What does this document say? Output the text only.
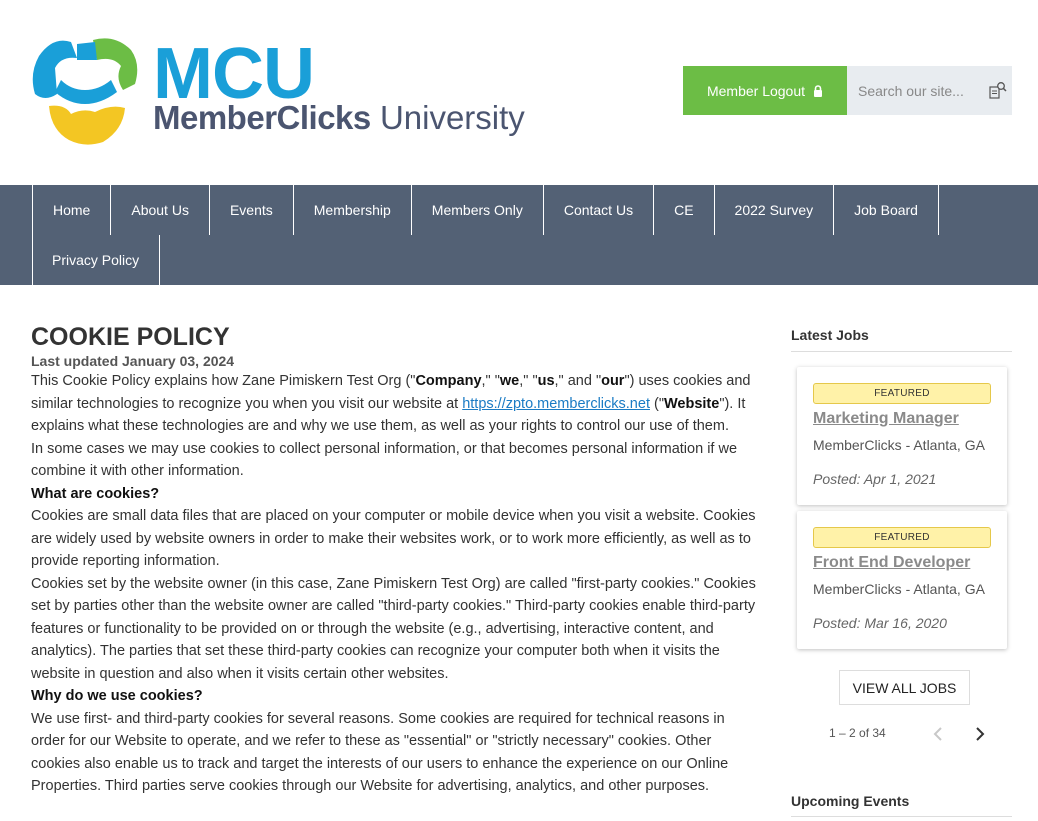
MCU
MemberClicks University
Member Logout
Search our site...
Home	About Us	Events	Membership	Members Only	Contact Us	CE	2022 Survey	Job Board
Privacy Policy
COOKIE POLICY
Last updated January 03, 2024

This Cookie Policy explains how Zane Pimiskern Test Org ("Company," "we," "us," and "our") uses cookies and similar technologies to recognize you when you visit our website at https://zpto.memberclicks.net ("Website"). It explains what these technologies are and why we use them, as well as your rights to control our use of them.

In some cases we may use cookies to collect personal information, or that becomes personal information if we combine it with other information.

What are cookies?

Cookies are small data files that are placed on your computer or mobile device when you visit a website. Cookies are widely used by website owners in order to make their websites work, or to work more efficiently, as well as to provide reporting information.

Cookies set by the website owner (in this case, Zane Pimiskern Test Org) are called "first-party cookies." Cookies set by parties other than the website owner are called "third-party cookies." Third-party cookies enable third-party features or functionality to be provided on or through the website (e.g., advertising, interactive content, and analytics). The parties that set these third-party cookies can recognize your computer both when it visits the website in question and also when it visits certain other websites.

Why do we use cookies?

We use first- and third-party cookies for several reasons. Some cookies are required for technical reasons in order for our Website to operate, and we refer to these as "essential" or "strictly necessary" cookies. Other cookies also enable us to track and target the interests of our users to enhance the experience on our Online Properties. Third parties serve cookies through our Website for advertising, analytics, and other purposes.

Latest Jobs
FEATURED
Marketing Manager
MemberClicks - Atlanta, GA
Posted: Apr 1, 2021
FEATURED
Front End Developer
MemberClicks - Atlanta, GA
Posted: Mar 16, 2020
VIEW ALL JOBS
1 – 2 of 34
Upcoming Events
